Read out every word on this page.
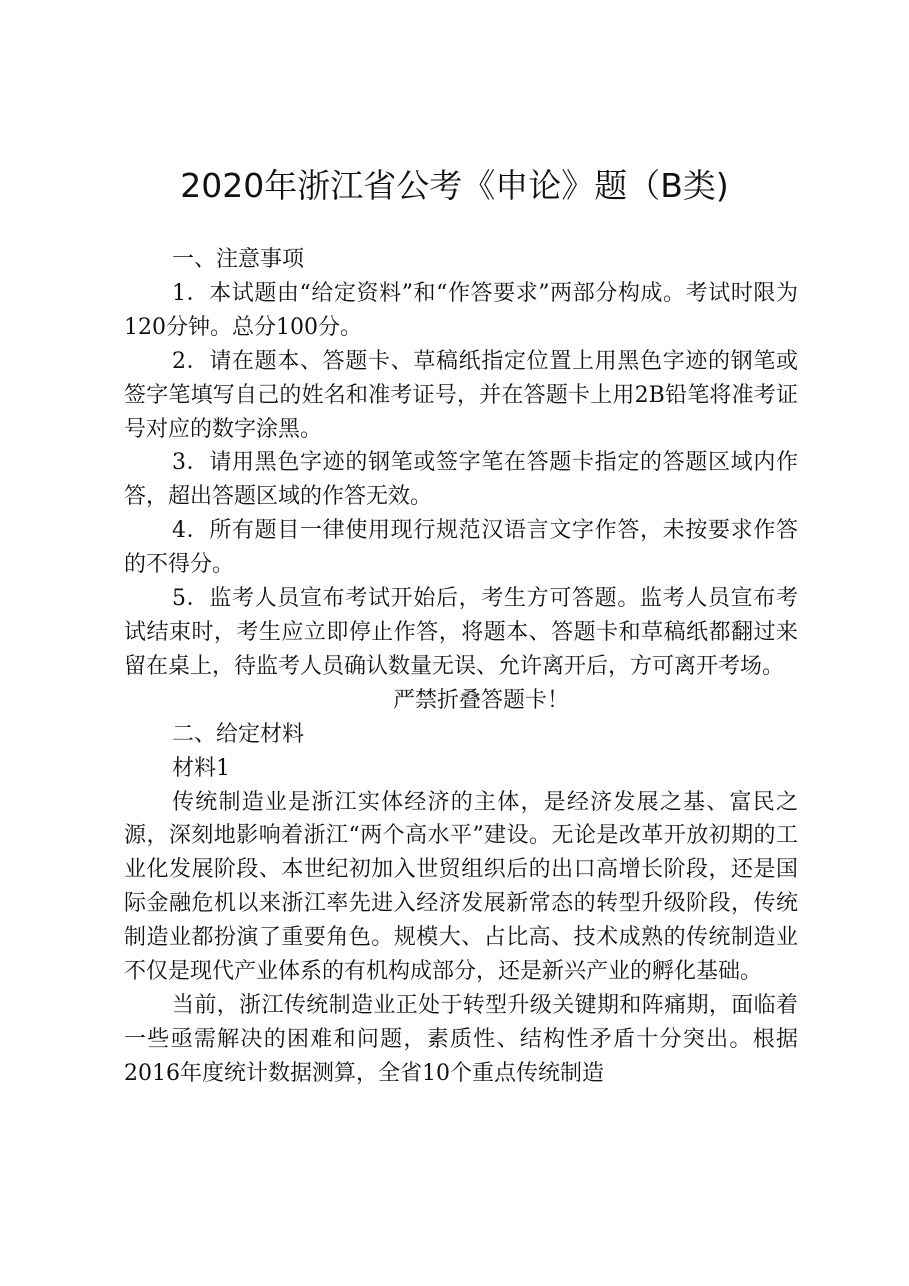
2020年浙江省公考《申论》题（B类)

一、注意事项

1．本试题由“给定资料”和“作答要求”两部分构成。考试时限为120分钟。总分100分。

2．请在题本、答题卡、草稿纸指定位置上用黑色字迹的钢笔或签字笔填写自己的姓名和准考证号，并在答题卡上用2B铅笔将准考证号对应的数字涂黑。

3．请用黑色字迹的钢笔或签字笔在答题卡指定的答题区域内作答，超出答题区域的作答无效。

4．所有题目一律使用现行规范汉语言文字作答，未按要求作答的不得分。

5．监考人员宣布考试开始后，考生方可答题。监考人员宣布考试结束时，考生应立即停止作答，将题本、答题卡和草稿纸都翻过来留在桌上，待监考人员确认数量无误、允许离开后，方可离开考场。

严禁折叠答题卡！

二、给定材料

材料1

传统制造业是浙江实体经济的主体，是经济发展之基、富民之源，深刻地影响着浙江“两个高水平”建设。无论是改革开放初期的工业化发展阶段、本世纪初加入世贸组织后的出口高增长阶段，还是国际金融危机以来浙江率先进入经济发展新常态的转型升级阶段，传统制造业都扮演了重要角色。规模大、占比高、技术成熟的传统制造业不仅是现代产业体系的有机构成部分，还是新兴产业的孵化基础。

当前，浙江传统制造业正处于转型升级关键期和阵痛期，面临着一些亟需解决的困难和问题，素质性、结构性矛盾十分突出。根据2016年度统计数据测算，全省10个重点传统制造
